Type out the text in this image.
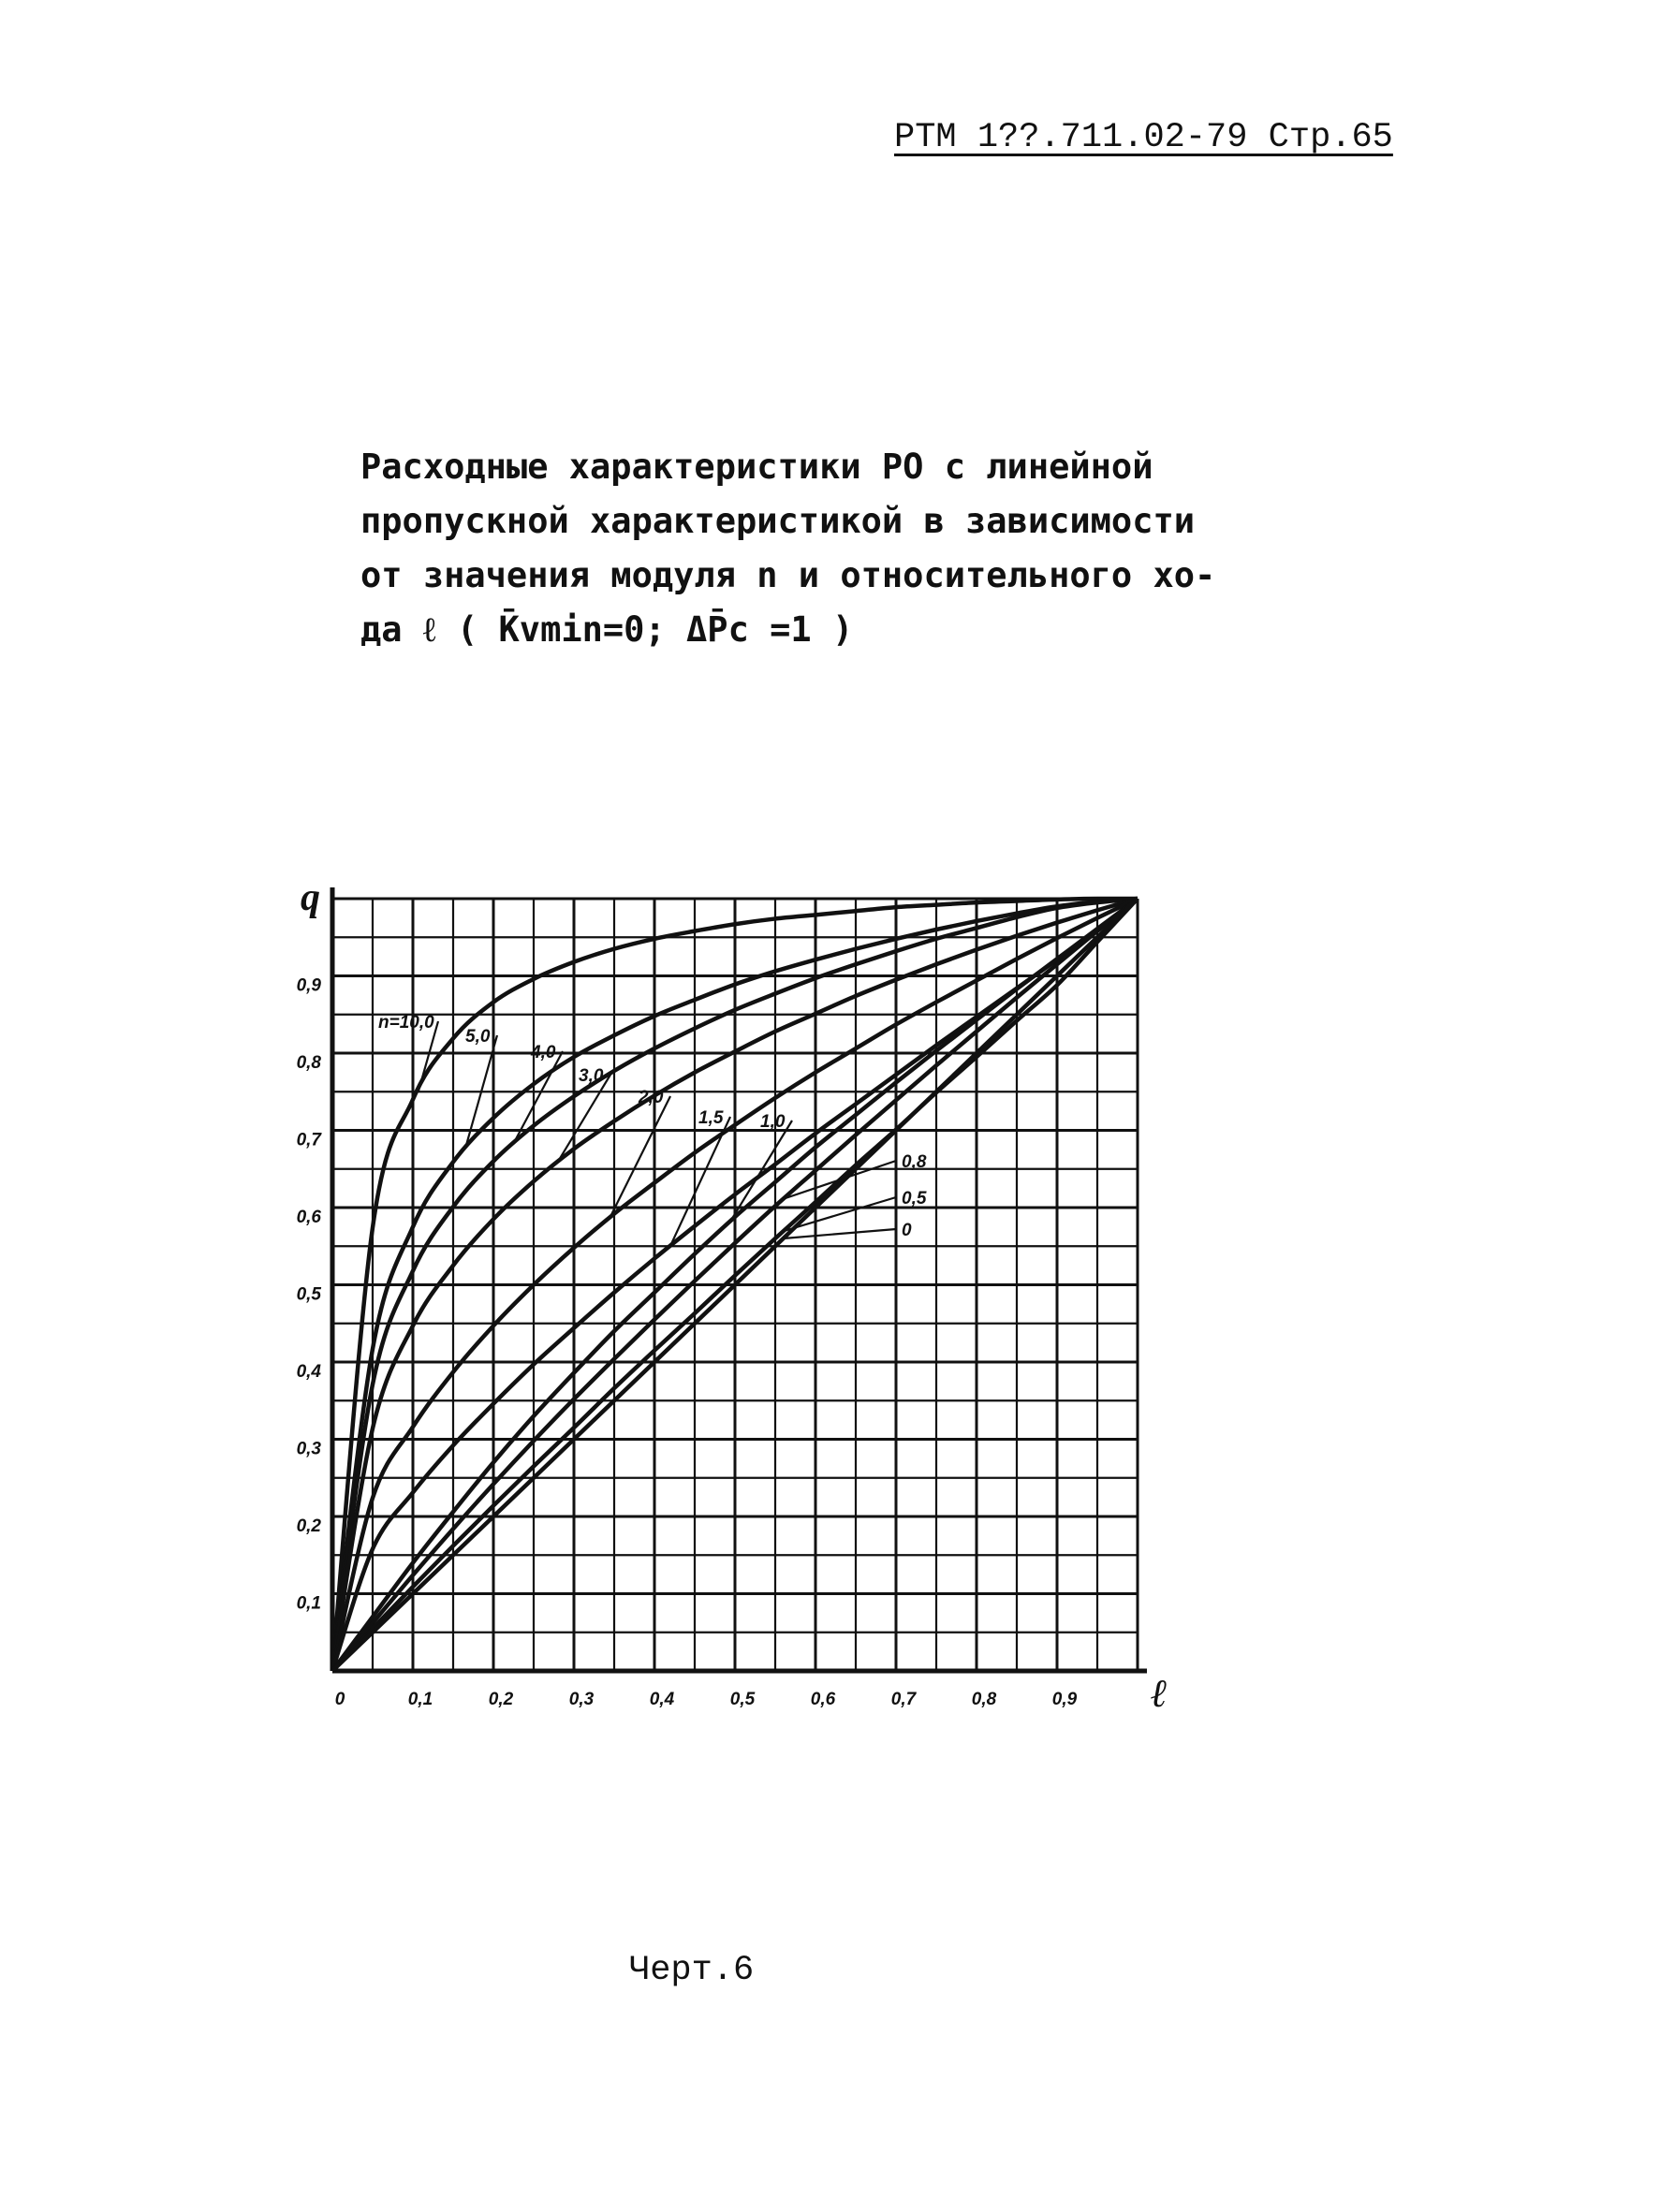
РТМ 1??.711.02-79 Стр.65
Расходные характеристики РО с линейной
пропускной характеристикой в зависимости
от значения модуля n и относительного хо-
да ℓ ( K̄vmin=0; ΔP̄c =1 )
0	0,1	0,2	0,3	0,4	0,5	0,6	0,7	0,8	0,9
0,1
0,2
0,3
0,4
0,5
0,6
0,7
0,8
0,9
ℓ
q
n=10,0
5,0
4,0
3,0
2,0
1,5 1,0
0,8
0,5
0
Черт.6
